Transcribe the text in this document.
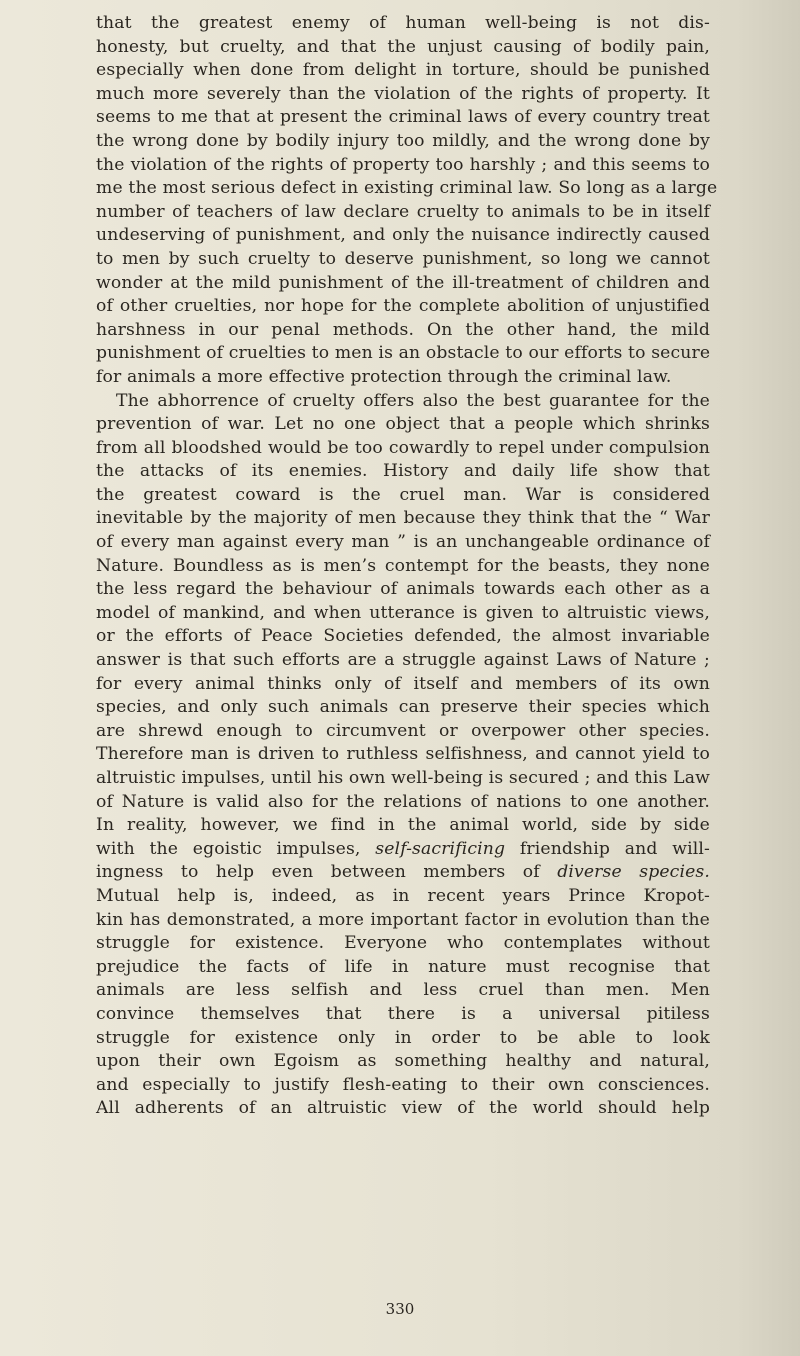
that the greatest enemy of human well-being is not dis-
honesty, but cruelty, and that the unjust causing of bodily pain,
especially when done from delight in torture, should be punished
much more severely than the violation of the rights of property. It
seems to me that at present the criminal laws of every country treat
the wrong done by bodily injury too mildly, and the wrong done by
the violation of the rights of property too harshly ; and this seems to
me the most serious defect in existing criminal law. So long as a large
number of teachers of law declare cruelty to animals to be in itself
undeserving of punishment, and only the nuisance indirectly caused
to men by such cruelty to deserve punishment, so long we cannot
wonder at the mild punishment of the ill-treatment of children and
of other cruelties, nor hope for the complete abolition of unjustified
harshness in our penal methods. On the other hand, the mild
punishment of cruelties to men is an obstacle to our efforts to secure
for animals a more effective protection through the criminal law.
The abhorrence of cruelty offers also the best guarantee for the
prevention of war. Let no one object that a people which shrinks
from all bloodshed would be too cowardly to repel under compulsion
the attacks of its enemies. History and daily life show that
the greatest coward is the cruel man. War is considered
inevitable by the majority of men because they think that the “ War
of every man against every man ” is an unchangeable ordinance of
Nature. Boundless as is men’s contempt for the beasts, they none
the less regard the behaviour of animals towards each other as a
model of mankind, and when utterance is given to altruistic views,
or the efforts of Peace Societies defended, the almost invariable
answer is that such efforts are a struggle against Laws of Nature ;
for every animal thinks only of itself and members of its own
species, and only such animals can preserve their species which
are shrewd enough to circumvent or overpower other species.
Therefore man is driven to ruthless selfishness, and cannot yield to
altruistic impulses, until his own well-being is secured ; and this Law
of Nature is valid also for the relations of nations to one another.
In reality, however, we find in the animal world, side by side
with the egoistic impulses, self-sacrificing friendship and will-
ingness to help even between members of diverse species.
Mutual help is, indeed, as in recent years Prince Kropot-
kin has demonstrated, a more important factor in evolution than the
struggle for existence. Everyone who contemplates without
prejudice the facts of life in nature must recognise that
animals are less selfish and less cruel than men. Men
convince themselves that there is a universal pitiless
struggle for existence only in order to be able to look
upon their own Egoism as something healthy and natural,
and especially to justify flesh-eating to their own consciences.
All adherents of an altruistic view of the world should help
330
